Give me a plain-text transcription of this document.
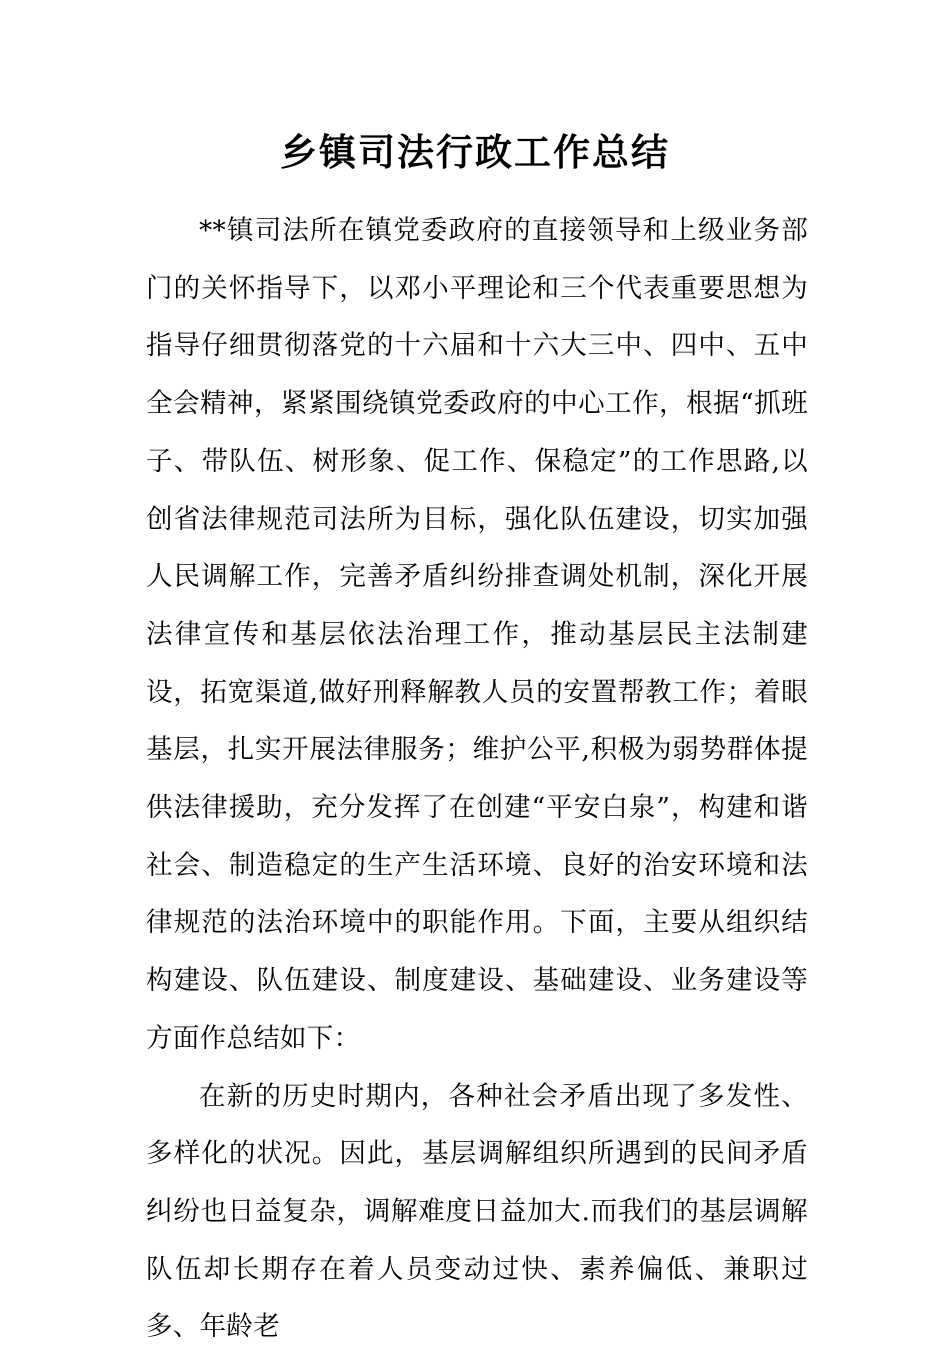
乡镇司法行政工作总结

**镇司法所在镇党委政府的直接领导和上级业务部门的关怀指导下，以邓小平理论和三个代表重要思想为指导仔细贯彻落党的十六届和十六大三中、四中、五中全会精神，紧紧围绕镇党委政府的中心工作，根据“抓班子、带队伍、树形象、促工作、保稳定”的工作思路,以创省法律规范司法所为目标，强化队伍建设，切实加强人民调解工作，完善矛盾纠纷排查调处机制，深化开展法律宣传和基层依法治理工作，推动基层民主法制建设，拓宽渠道,做好刑释解教人员的安置帮教工作；着眼基层，扎实开展法律服务；维护公平,积极为弱势群体提供法律援助，充分发挥了在创建“平安白泉”，构建和谐社会、制造稳定的生产生活环境、良好的治安环境和法律规范的法治环境中的职能作用。下面，主要从组织结构建设、队伍建设、制度建设、基础建设、业务建设等方面作总结如下：

在新的历史时期内，各种社会矛盾出现了多发性、多样化的状况。因此，基层调解组织所遇到的民间矛盾纠纷也日益复杂，调解难度日益加大.而我们的基层调解队伍却长期存在着人员变动过快、素养偏低、兼职过多、年龄老
